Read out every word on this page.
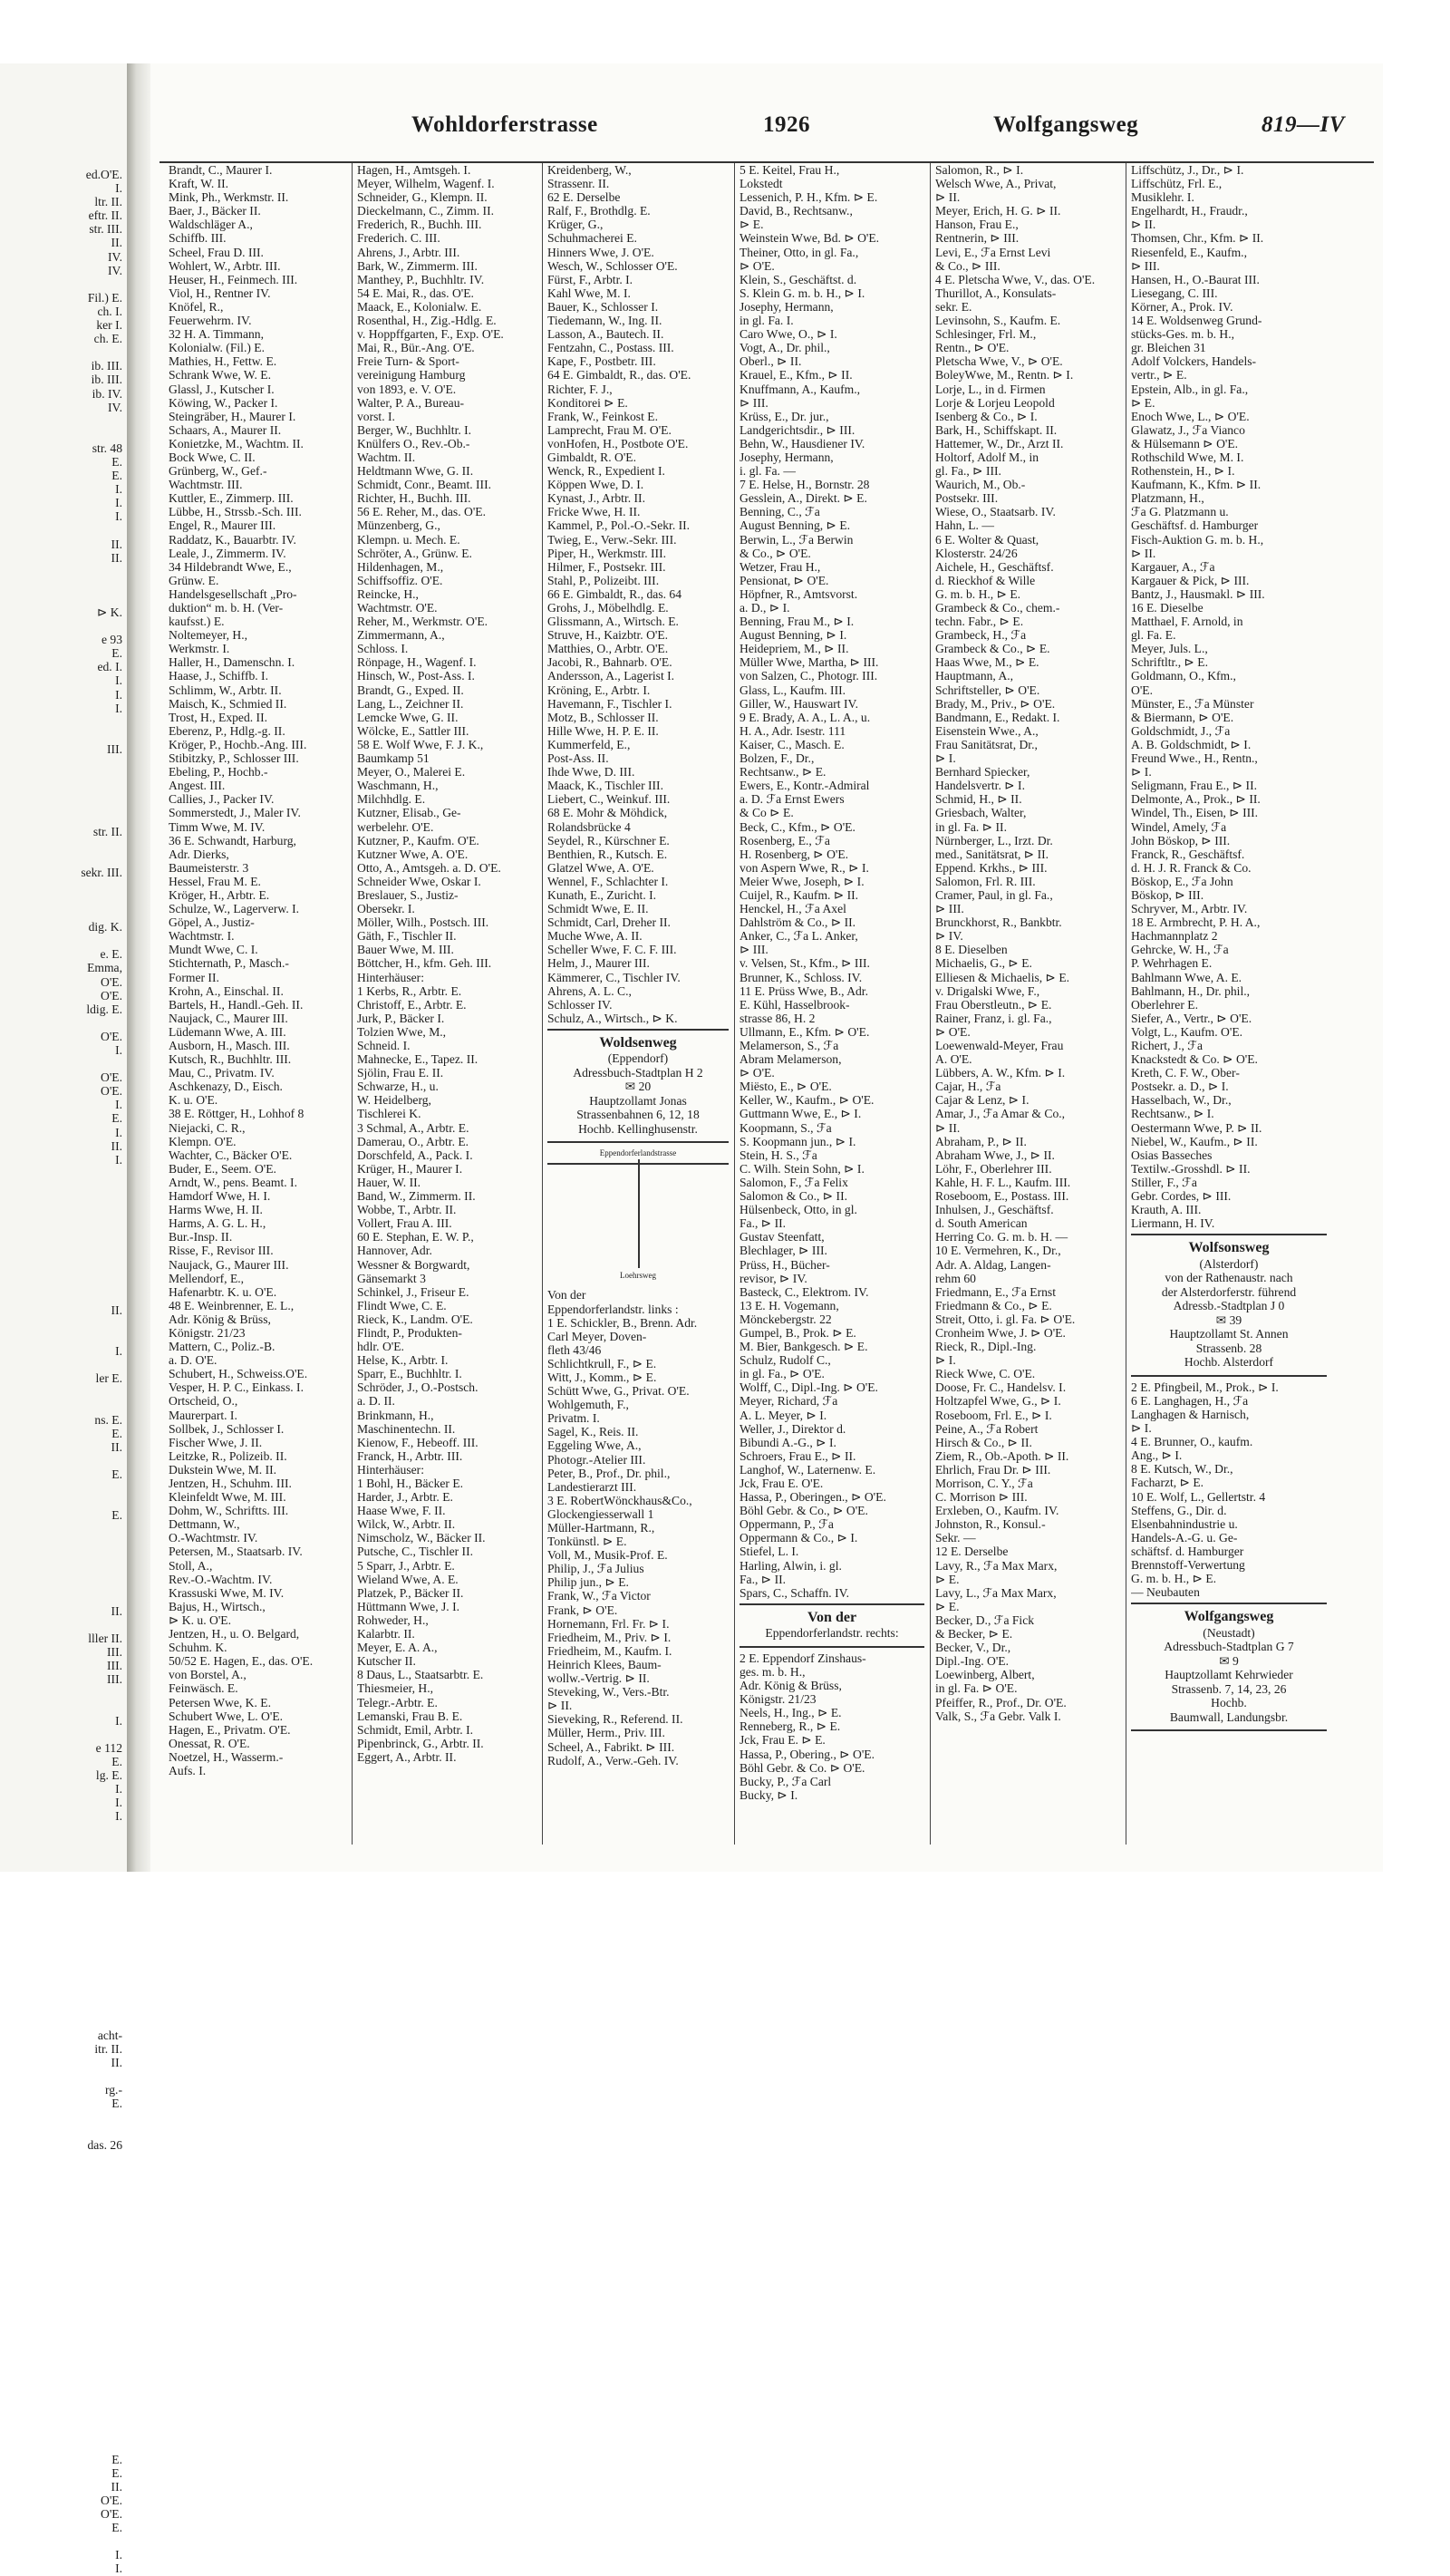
ed.O'E.
I.
ltr. II.
eftr. II.
str. III.
II.
IV.
IV.

Fil.) E.
ch. I.
ker I.
ch. E.

ib. III.
ib. III.
ib. IV.
IV.

str. 48
E.
E.
I.
I.
I.

II.
II.

⊳ K.

e 93
E.
ed. I.
I.
I.
I.

III.

str. II.

sekr. III.

dig. K.

e. E.
Emma,
O'E.
O'E.
ldig. E.

O'E.
I.

O'E.
O'E.
I.
E.
I.
II.
I.

II.

I.

ler E.

ns. E.
E.
II.

E.

E.

II.

lller II.
III.
III.
III.

I.

e 112
E.
lg. E.
I.
I.
I.

acht-
itr. II.
II.

rg.-
E.

das. 26

E.
E.
II.
O'E.
O'E.
E.

I.
I.
Wohldorferstrasse	1926	Wolfgangsweg	819—IV
Brandt, C., Maurer I.
Kraft, W. II.
Mink, Ph., Werkmstr. II.
Baer, J., Bäcker II.
Waldschläger A.,
Schiffb. III.
Scheel, Frau D. III.
Wohlert, W., Arbtr. III.
Heuser, H., Feinmech. III.
Viol, H., Rentner IV.
Knöfel, R.,
Feuerwehrm. IV.
32 H. A. Timmann,
Kolonialw. (Fil.) E.
Mathies, H., Fettw. E.
Schrank Wwe, W. E.
Glassl, J., Kutscher I.
Köwing, W., Packer I.
Steingräber, H., Maurer I.
Schaars, A., Maurer II.
Konietzke, M., Wachtm. II.
Bock Wwe, C. II.
Grünberg, W., Gef.-
Wachtmstr. III.
Kuttler, E., Zimmerp. III.
Lübbe, H., Strssb.-Sch. III.
Engel, R., Maurer III.
Raddatz, K., Bauarbtr. IV.
Leale, J., Zimmerm. IV.
34 Hildebrandt Wwe, E.,
Grünw. E.
Handelsgesellschaft „Pro-
duktion“ m. b. H. (Ver-
kaufsst.) E.
Noltemeyer, H.,
Werkmstr. I.
Haller, H., Damenschn. I.
Haase, J., Schiffb. I.
Schlimm, W., Arbtr. II.
Maisch, K., Schmied II.
Trost, H., Exped. II.
Eberenz, P., Hdlg.-g. II.
Kröger, P., Hochb.-Ang. III.
Stibitzky, P., Schlosser III.
Ebeling, P., Hochb.-
Angest. III.
Callies, J., Packer IV.
Sommerstedt, J., Maler IV.
Timm Wwe, M. IV.
36 E. Schwandt, Harburg,
Adr. Dierks,
Baumeisterstr. 3
Hessel, Frau M. E.
Kröger, H., Arbtr. E.
Schulze, W., Lagerverw. I.
Göpel, A., Justiz-
Wachtmstr. I.
Mundt Wwe, C. I.
Stichternath, P., Masch.-
Former II.
Krohn, A., Einschal. II.
Bartels, H., Handl.-Geh. II.
Naujack, C., Maurer III.
Lüdemann Wwe, A. III.
Ausborn, H., Masch. III.
Kutsch, R., Buchhltr. III.
Mau, C., Privatm. IV.
Aschkenazy, D., Eisch.
K. u. O'E.
38 E. Röttger, H., Lohhof 8
Niejacki, C. R.,
Klempn. O'E.
Wachter, C., Bäcker O'E.
Buder, E., Seem. O'E.
Arndt, W., pens. Beamt. I.
Hamdorf Wwe, H. I.
Harms Wwe, H. II.
Harms, A. G. L. H.,
Bur.-Insp. II.
Risse, F., Revisor III.
Naujack, G., Maurer III.
Mellendorf, E.,
Hafenarbtr. K. u. O'E.
48 E. Weinbrenner, E. L.,
Adr. König & Brüss,
Königstr. 21/23
Mattern, C., Poliz.-B.
a. D. O'E.
Schubert, H., Schweiss.O'E.
Vesper, H. P. C., Einkass. I.
Ortscheid, O.,
Maurerpart. I.
Sollbek, J., Schlosser I.
Fischer Wwe, J. II.
Leitzke, R., Polizeib. II.
Dukstein Wwe, M. II.
Jentzen, H., Schuhm. III.
Kleinfeldt Wwe, M. III.
Dohm, W., Schriftts. III.
Dettmann, W.,
O.-Wachtmstr. IV.
Petersen, M., Staatsarb. IV.
Stoll, A.,
Rev.-O.-Wachtm. IV.
Krassuski Wwe, M. IV.
Bajus, H., Wirtsch.,
⊳ K. u. O'E.
Jentzen, H., u. O. Belgard,
Schuhm. K.
50/52 E. Hagen, E., das. O'E.
von Borstel, A.,
Feinwäsch. E.
Petersen Wwe, K. E.
Schubert Wwe, L. O'E.
Hagen, E., Privatm. O'E.
Onessat, R. O'E.
Noetzel, H., Wasserm.-
Aufs. I.
Hagen, H., Amtsgeh. I.
Meyer, Wilhelm, Wagenf. I.
Schneider, G., Klempn. II.
Dieckelmann, C., Zimm. II.
Frederich, R., Buchh. III.
Frederich. C. III.
Ahrens, J., Arbtr. III.
Bark, W., Zimmerm. III.
Manthey, P., Buchhltr. IV.
54 E. Mai, R., das. O'E.
Maack, E., Kolonialw. E.
Rosenthal, H., Zig.-Hdlg. E.
v. Hoppffgarten, F., Exp. O'E.
Mai, R., Bür.-Ang. O'E.
Freie Turn- & Sport-
vereinigung Hamburg
von 1893, e. V. O'E.
Walter, P. A., Bureau-
vorst. I.
Berger, W., Buchhltr. I.
Knülfers O., Rev.-Ob.-
Wachtm. II.
Heldtmann Wwe, G. II.
Schmidt, Conr., Beamt. III.
Richter, H., Buchh. III.
56 E. Reher, M., das. O'E.
Münzenberg, G.,
Klempn. u. Mech. E.
Schröter, A., Grünw. E.
Hildenhagen, M.,
Schiffsoffiz. O'E.
Reincke, H.,
Wachtmstr. O'E.
Reher, M., Werkmstr. O'E.
Zimmermann, A.,
Schloss. I.
Rönpage, H., Wagenf. I.
Hinsch, W., Post-Ass. I.
Brandt, G., Exped. II.
Lang, L., Zeichner II.
Lemcke Wwe, G. II.
Wölcke, E., Sattler III.
58 E. Wolf Wwe, F. J. K.,
Baumkamp 51
Meyer, O., Malerei E.
Waschmann, H.,
Milchhdlg. E.
Kutzner, Elisab., Ge-
werbelehr. O'E.
Kutzner, P., Kaufm. O'E.
Kutzner Wwe, A. O'E.
Otto, A., Amtsgeh. a. D. O'E.
Schneider Wwe, Oskar I.
Breslauer, S., Justiz-
Obersekr. I.
Möller, Wilh., Postsch. III.
Gäth, F., Tischler II.
Bauer Wwe, M. III.
Böttcher, H., kfm. Geh. III.
Hinterhäuser:
1 Kerbs, R., Arbtr. E.
Christoff, E., Arbtr. E.
Jurk, P., Bäcker I.
Tolzien Wwe, M.,
Schneid. I.
Mahnecke, E., Tapez. II.
Sjölin, Frau E. II.
Schwarze, H., u.
W. Heidelberg,
Tischlerei K.
3 Schmal, A., Arbtr. E.
Damerau, O., Arbtr. E.
Dorschfeld, A., Pack. I.
Krüger, H., Maurer I.
Hauer, W. II.
Band, W., Zimmerm. II.
Wobbe, T., Arbtr. II.
Vollert, Frau A. III.
60 E. Stephan, E. W. P.,
Hannover, Adr.
Wessner & Borgwardt,
Gänsemarkt 3
Schinkel, J., Friseur E.
Flindt Wwe, C. E.
Rieck, K., Landm. O'E.
Flindt, P., Produkten-
hdlr. O'E.
Helse, K., Arbtr. I.
Sparr, E., Buchhltr. I.
Schröder, J., O.-Postsch.
a. D. II.
Brinkmann, H.,
Maschinentechn. II.
Kienow, F., Hebeoff. III.
Franck, H., Arbtr. III.
Hinterhäuser:
1 Bohl, H., Bäcker E.
Harder, J., Arbtr. E.
Haase Wwe, F. II.
Wilck, W., Arbtr. II.
Nimscholz, W., Bäcker II.
Putsche, C., Tischler II.
5 Sparr, J., Arbtr. E.
Wieland Wwe, A. E.
Platzek, P., Bäcker II.
Hüttmann Wwe, J. I.
Rohweder, H.,
Kalarbtr. II.
Meyer, E. A. A.,
Kutscher II.
8 Daus, L., Staatsarbtr. E.
Thiesmeier, H.,
Telegr.-Arbtr. E.
Lemanski, Frau B. E.
Schmidt, Emil, Arbtr. I.
Pipenbrinck, G., Arbtr. II.
Eggert, A., Arbtr. II.
Kreidenberg, W.,
Strassenr. II.
62 E. Derselbe
Ralf, F., Brothdlg. E.
Krüger, G.,
Schuhmacherei E.
Hinners Wwe, J. O'E.
Wesch, W., Schlosser O'E.
Fürst, F., Arbtr. I.
Kahl Wwe, M. I.
Bauer, K., Schlosser I.
Tiedemann, W., Ing. II.
Lasson, A., Bautech. II.
Fentzahn, C., Postass. III.
Kape, F., Postbetr. III.
64 E. Gimbaldt, R., das. O'E.
Richter, F. J.,
Konditorei ⊳ E.
Frank, W., Feinkost E.
Lamprecht, Frau M. O'E.
vonHofen, H., Postbote O'E.
Gimbaldt, R. O'E.
Wenck, R., Expedient I.
Köppen Wwe, D. I.
Kynast, J., Arbtr. II.
Fricke Wwe, H. II.
Kammel, P., Pol.-O.-Sekr. II.
Twieg, E., Verw.-Sekr. III.
Piper, H., Werkmstr. III.
Hilmer, F., Postsekr. III.
Stahl, P., Polizeibt. III.
66 E. Gimbaldt, R., das. 64
Grohs, J., Möbelhdlg. E.
Glissmann, A., Wirtsch. E.
Struve, H., Kaizbtr. O'E.
Matthies, O., Arbtr. O'E.
Jacobi, R., Bahnarb. O'E.
Andersson, A., Lagerist I.
Kröning, E., Arbtr. I.
Havemann, F., Tischler I.
Motz, B., Schlosser II.
Hille Wwe, H. P. E. II.
Kummerfeld, E.,
Post-Ass. II.
Ihde Wwe, D. III.
Maack, K., Tischler III.
Liebert, C., Weinkuf. III.
68 E. Mohr & Möhdick,
Rolandsbrücke 4
Seydel, R., Kürschner E.
Benthien, R., Kutsch. E.
Glatzel Wwe, A. O'E.
Wennel, F., Schlachter I.
Kunath, E., Zuricht. I.
Schmidt Wwe, E. II.
Schmidt, Carl, Dreher II.
Muche Wwe, A. II.
Scheller Wwe, F. C. F. III.
Helm, J., Maurer III.
Kämmerer, C., Tischler IV.
Ahrens, A. L. C.,
Schlosser IV.
Schulz, A., Wirtsch., ⊳ K.
Woldsenweg
(Eppendorf)
Adressbuch-Stadtplan H 2
✉ 20
Hauptzollamt Jonas
Strassenbahnen 6, 12, 18
Hochb. Kellinghusenstr.
Eppendorferlandstrasse
Loehrsweg
Von der
Eppendorferlandstr. links :
1 E. Schickler, B., Brenn. Adr.
Carl Meyer, Doven-
fleth 43/46
Schlichtkrull, F., ⊳ E.
Witt, J., Komm., ⊳ E.
Schütt Wwe, G., Privat. O'E.
Wohlgemuth, F.,
Privatm. I.
Sagel, K., Reis. II.
Eggeling Wwe, A.,
Photogr.-Atelier III.
Peter, B., Prof., Dr. phil.,
Landestierarzt III.
3 E. RobertWönckhaus&Co.,
Glockengiesserwall 1
Müller-Hartmann, R.,
Tonkünstl. ⊳ E.
Voll, M., Musik-Prof. E.
Philip, J., ℱa Julius
Philip jun., ⊳ E.
Frank, W., ℱa Victor
Frank, ⊳ O'E.
Hornemann, Frl. Fr. ⊳ I.
Friedheim, M., Priv. ⊳ I.
Friedheim, M., Kaufm. I.
Heinrich Klees, Baum-
wollw.-Vertrig. ⊳ II.
Steveking, W., Vers.-Btr.
⊳ II.
Sieveking, R., Referend. II.
Müller, Herm., Priv. III.
Scheel, A., Fabrikt. ⊳ III.
Rudolf, A., Verw.-Geh. IV.
5 E. Keitel, Frau H.,
Lokstedt
Lessenich, P. H., Kfm. ⊳ E.
David, B., Rechtsanw.,
⊳ E.
Weinstein Wwe, Bd. ⊳ O'E.
Theiner, Otto, in gl. Fa.,
⊳ O'E.
Klein, S., Geschäftst. d.
S. Klein G. m. b. H., ⊳ I.
Josephy, Hermann,
in gl. Fa. I.
Caro Wwe, O., ⊳ I.
Vogt, A., Dr. phil.,
Oberl., ⊳ II.
Krauel, E., Kfm., ⊳ II.
Knuffmann, A., Kaufm.,
⊳ III.
Krüss, E., Dr. jur.,
Landgerichtsdir., ⊳ III.
Behn, W., Hausdiener IV.
Josephy, Hermann,
i. gl. Fa. —
7 E. Helse, H., Bornstr. 28
Gesslein, A., Direkt. ⊳ E.
Benning, C., ℱa
August Benning, ⊳ E.
Berwin, L., ℱa Berwin
& Co., ⊳ O'E.
Wetzer, Frau H.,
Pensionat, ⊳ O'E.
Höpfner, R., Amtsvorst.
a. D., ⊳ I.
Benning, Frau M., ⊳ I.
August Benning, ⊳ I.
Heidepriem, M., ⊳ II.
Müller Wwe, Martha, ⊳ III.
von Salzen, C., Photogr. III.
Glass, L., Kaufm. III.
Giller, W., Hauswart IV.
9 E. Brady, A. A., L. A., u.
H. A., Adr. Isestr. 111
Kaiser, C., Masch. E.
Bolzen, F., Dr.,
Rechtsanw., ⊳ E.
Ewers, E., Kontr.-Admiral
a. D. ℱa Ernst Ewers
& Co ⊳ E.
Beck, C., Kfm., ⊳ O'E.
Rosenberg, E., ℱa
H. Rosenberg, ⊳ O'E.
von Aspern Wwe, R., ⊳ I.
Meier Wwe, Joseph, ⊳ I.
Cuijel, R., Kaufm. ⊳ II.
Henckel, H., ℱa Axel
Dahlström & Co., ⊳ II.
Anker, C., ℱa L. Anker,
⊳ III.
v. Velsen, St., Kfm., ⊳ III.
Brunner, K., Schloss. IV.
11 E. Prüss Wwe, B., Adr.
E. Kühl, Hasselbrook-
strasse 86, H. 2
Ullmann, E., Kfm. ⊳ O'E.
Melamerson, S., ℱa
Abram Melamerson,
⊳ O'E.
Miësto, E., ⊳ O'E.
Keller, W., Kaufm., ⊳ O'E.
Guttmann Wwe, E., ⊳ I.
Koopmann, S., ℱa
S. Koopmann jun., ⊳ I.
Stein, H. S., ℱa
C. Wilh. Stein Sohn, ⊳ I.
Salomon, F., ℱa Felix
Salomon & Co., ⊳ II.
Hülsenbeck, Otto, in gl.
Fa., ⊳ II.
Gustav Steenfatt,
Blechlager, ⊳ III.
Prüss, H., Bücher-
revisor, ⊳ IV.
Basteck, C., Elektrom. IV.
13 E. H. Vogemann,
Mönckebergstr. 22
Gumpel, B., Prok. ⊳ E.
M. Bier, Bankgesch. ⊳ E.
Schulz, Rudolf C.,
in gl. Fa., ⊳ O'E.
Wolff, C., Dipl.-Ing. ⊳ O'E.
Meyer, Richard, ℱa
A. L. Meyer, ⊳ I.
Weller, J., Direktor d.
Bibundi A.-G., ⊳ I.
Schroers, Frau E., ⊳ II.
Langhof, W., Laternenw. E.
Jck, Frau E. O'E.
Hassa, P., Oberingen., ⊳ O'E.
Böhl Gebr. & Co., ⊳ O'E.
Oppermann, P., ℱa
Oppermann & Co., ⊳ I.
Stiefel, L. I.
Harling, Alwin, i. gl.
Fa., ⊳ II.
Spars, C., Schaffn. IV.
Von der
Eppendorferlandstr. rechts:
2 E. Eppendorf Zinshaus-
ges. m. b. H.,
Adr. König & Brüss,
Königstr. 21/23
Neels, H., Ing., ⊳ E.
Renneberg, R., ⊳ E.
Jck, Frau E. ⊳ E.
Hassa, P., Obering., ⊳ O'E.
Böhl Gebr. & Co. ⊳ O'E.
Bucky, P., ℱa Carl
Bucky, ⊳ I.
Salomon, R., ⊳ I.
Welsch Wwe, A., Privat,
⊳ II.
Meyer, Erich, H. G. ⊳ II.
Hanson, Frau E.,
Rentnerin, ⊳ III.
Levi, E., ℱa Ernst Levi
& Co., ⊳ III.
4 E. Pletscha Wwe, V., das. O'E.
Thurillot, A., Konsulats-
sekr. E.
Levinsohn, S., Kaufm. E.
Schlesinger, Frl. M.,
Rentn., ⊳ O'E.
Pletscha Wwe, V., ⊳ O'E.
BoleyWwe, M., Rentn. ⊳ I.
Lorje, L., in d. Firmen
Lorje & Lorjeu Leopold
Isenberg & Co., ⊳ I.
Bark, H., Schiffskapt. II.
Hattemer, W., Dr., Arzt II.
Holtorf, Adolf M., in
gl. Fa., ⊳ III.
Waurich, M., Ob.-
Postsekr. III.
Wiese, O., Staatsarb. IV.
Hahn, L. —
6 E. Wolter & Quast,
Klosterstr. 24/26
Aichele, H., Geschäftsf.
d. Rieckhof & Wille
G. m. b. H., ⊳ E.
Grambeck & Co., chem.-
techn. Fabr., ⊳ E.
Grambeck, H., ℱa
Grambeck & Co., ⊳ E.
Haas Wwe, M., ⊳ E.
Hauptmann, A.,
Schriftsteller, ⊳ O'E.
Brady, M., Priv., ⊳ O'E.
Bandmann, E., Redakt. I.
Eisenstein Wwe., A.,
Frau Sanitätsrat, Dr.,
⊳ I.
Bernhard Spiecker,
Handelsvertr. ⊳ I.
Schmid, H., ⊳ II.
Griesbach, Walter,
in gl. Fa. ⊳ II.
Nürnberger, L., Irzt. Dr.
med., Sanitätsrat, ⊳ II.
Eppend. Krkhs., ⊳ III.
Salomon, Frl. R. III.
Cramer, Paul, in gl. Fa.,
⊳ III.
Brunckhorst, R., Bankbtr.
⊳ IV.
8 E. Dieselben
Michaelis, G., ⊳ E.
Elliesen & Michaelis, ⊳ E.
v. Drigalski Wwe, F.,
Frau Oberstleutn., ⊳ E.
Rainer, Franz, i. gl. Fa.,
⊳ O'E.
Loewenwald-Meyer, Frau
A. O'E.
Lübbers, A. W., Kfm. ⊳ I.
Cajar, H., ℱa
Cajar & Lenz, ⊳ I.
Amar, J., ℱa Amar & Co.,
⊳ II.
Abraham, P., ⊳ II.
Abraham Wwe, J., ⊳ II.
Löhr, F., Oberlehrer III.
Kahle, H. F. L., Kaufm. III.
Roseboom, E., Postass. III.
Inhulsen, J., Geschäftsf.
d. South American
Herring Co. G. m. b. H. —
10 E. Vermehren, K., Dr.,
Adr. A. Aldag, Langen-
rehm 60
Friedmann, E., ℱa Ernst
Friedmann & Co., ⊳ E.
Streit, Otto, i. gl. Fa. ⊳ O'E.
Cronheim Wwe, J. ⊳ O'E.
Rieck, R., Dipl.-Ing.
⊳ I.
Rieck Wwe, C. O'E.
Doose, Fr. C., Handelsv. I.
Holtzapfel Wwe, G., ⊳ I.
Roseboom, Frl. E., ⊳ I.
Peine, A., ℱa Robert
Hirsch & Co., ⊳ II.
Ziem, R., Ob.-Apoth. ⊳ II.
Ehrlich, Frau Dr. ⊳ III.
Morrison, C. Y., ℱa
C. Morrison ⊳ III.
Erxleben, O., Kaufm. IV.
Johnston, R., Konsul.-
Sekr. —
12 E. Derselbe
Lavy, R., ℱa Max Marx,
⊳ E.
Lavy, L., ℱa Max Marx,
⊳ E.
Becker, D., ℱa Fick
& Becker, ⊳ E.
Becker, V., Dr.,
Dipl.-Ing. O'E.
Loewinberg, Albert,
in gl. Fa. ⊳ O'E.
Pfeiffer, R., Prof., Dr. O'E.
Valk, S., ℱa Gebr. Valk I.
Liffschütz, J., Dr., ⊳ I.
Liffschütz, Frl. E.,
Musiklehr. I.
Engelhardt, H., Fraudr.,
⊳ II.
Thomsen, Chr., Kfm. ⊳ II.
Riesenfeld, E., Kaufm.,
⊳ III.
Hansen, H., O.-Baurat III.
Liesegang, C. III.
Körner, A., Prok. IV.
14 E. Woldsenweg Grund-
stücks-Ges. m. b. H.,
gr. Bleichen 31
Adolf Volckers, Handels-
vertr., ⊳ E.
Epstein, Alb., in gl. Fa.,
⊳ E.
Enoch Wwe, L., ⊳ O'E.
Glawatz, J., ℱa Vianco
& Hülsemann ⊳ O'E.
Rothschild Wwe, M. I.
Rothenstein, H., ⊳ I.
Kaufmann, K., Kfm. ⊳ II.
Platzmann, H.,
ℱa G. Platzmann u.
Geschäftsf. d. Hamburger
Fisch-Auktion G. m. b. H.,
⊳ II.
Kargauer, A., ℱa
Kargauer & Pick, ⊳ III.
Bantz, J., Hausmakl. ⊳ III.
16 E. Dieselbe
Matthael, F. Arnold, in
gl. Fa. E.
Meyer, Juls. L.,
Schriftltr., ⊳ E.
Goldmann, O., Kfm.,
O'E.
Münster, E., ℱa Münster
& Biermann, ⊳ O'E.
Goldschmidt, J., ℱa
A. B. Goldschmidt, ⊳ I.
Freund Wwe., H., Rentn.,
⊳ I.
Seligmann, Frau E., ⊳ II.
Delmonte, A., Prok., ⊳ II.
Windel, Th., Eisen, ⊳ III.
Windel, Amely, ℱa
John Böskop, ⊳ III.
Franck, R., Geschäftsf.
d. H. J. R. Franck & Co.
Böskop, E., ℱa John
Böskop, ⊳ III.
Schryver, M., Arbtr. IV.
18 E. Armbrecht, P. H. A.,
Hachmannplatz 2
Gehrcke, W. H., ℱa
P. Wehrhagen E.
Bahlmann Wwe, A. E.
Bahlmann, H., Dr. phil.,
Oberlehrer E.
Siefer, A., Vertr., ⊳ O'E.
Volgt, L., Kaufm. O'E.
Richert, J., ℱa
Knackstedt & Co. ⊳ O'E.
Kreth, C. F. W., Ober-
Postsekr. a. D., ⊳ I.
Hasselbach, W., Dr.,
Rechtsanw., ⊳ I.
Oestermann Wwe, P. ⊳ II.
Niebel, W., Kaufm., ⊳ II.
Osias Basseches
Textilw.-Grosshdl. ⊳ II.
Stiller, F., ℱa
Gebr. Cordes, ⊳ III.
Krauth, A. III.
Liermann, H. IV.
Wolfsonsweg
(Alsterdorf)
von der Rathenaustr. nach
der Alsterdorferstr. führend
Adressb.-Stadtplan J 0
✉ 39
Hauptzollamt St. Annen
Strassenb. 28
Hochb. Alsterdorf
2 E. Pfingbeil, M., Prok., ⊳ I.
6 E. Langhagen, H., ℱa
Langhagen & Harnisch,
⊳ I.
4 E. Brunner, O., kaufm.
Ang., ⊳ I.
8 E. Kutsch, W., Dr.,
Facharzt, ⊳ E.
10 E. Wolf, L., Gellertstr. 4
Steffens, G., Dir. d.
Elsenbahnindustrie u.
Handels-A.-G. u. Ge-
schäftsf. d. Hamburger
Brennstoff-Verwertung
G. m. b. H., ⊳ E.
— Neubauten
Wolfgangsweg
(Neustadt)
Adressbuch-Stadtplan G 7
✉ 9
Hauptzollamt Kehrwieder
Strassenb. 7, 14, 23, 26
Hochb.
Baumwall, Landungsbr.
